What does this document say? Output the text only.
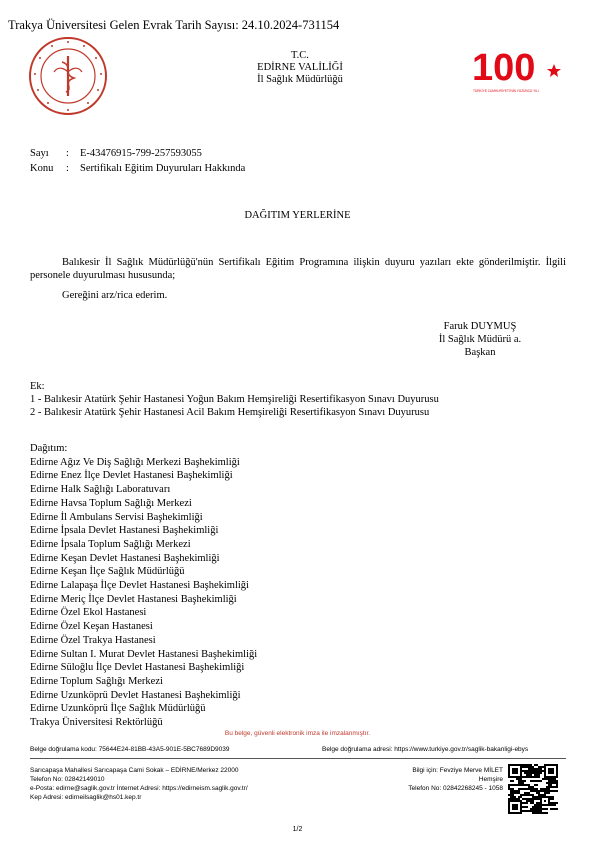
Trakya Üniversitesi Gelen Evrak Tarih Sayısı: 24.10.2024-731154
T.C.
EDİRNE VALİLİĞİ
İl Sağlık Müdürlüğü	100
TÜRKİYE CUMHURİYETİ'NİN YÜZÜNCÜ YILI
Sayı : E-43476915-799-257593055
Konu : Sertifikalı Eğitim Duyuruları Hakkında
DAĞITIM YERLERİNE
Balıkesir İl Sağlık Müdürlüğü'nün Sertifikalı Eğitim Programına ilişkin duyuru yazıları ekte gönderilmiştir. İlgili personele duyurulması hususunda;
Gereğini arz/rica ederim.
Faruk DUYMUŞ
İl Sağlık Müdürü a.
Başkan
Ek:
1 - Balıkesir Atatürk Şehir Hastanesi Yoğun Bakım Hemşireliği Resertifikasyon Sınavı Duyurusu
2 - Balıkesir Atatürk Şehir Hastanesi Acil Bakım Hemşireliği Resertifikasyon Sınavı Duyurusu
Dağıtım:
Edirne Ağız Ve Diş Sağlığı Merkezi Başhekimliği
Edirne Enez İlçe Devlet Hastanesi Başhekimliği
Edirne Halk Sağlığı Laboratuvarı
Edirne Havsa Toplum Sağlığı Merkezi
Edirne İl Ambulans Servisi Başhekimliği
Edirne İpsala Devlet Hastanesi Başhekimliği
Edirne İpsala Toplum Sağlığı Merkezi
Edirne Keşan Devlet Hastanesi Başhekimliği
Edirne Keşan İlçe Sağlık Müdürlüğü
Edirne Lalapaşa İlçe Devlet Hastanesi Başhekimliği
Edirne Meriç İlçe Devlet Hastanesi Başhekimliği
Edirne Özel Ekol Hastanesi
Edirne Özel Keşan Hastanesi
Edirne Özel Trakya Hastanesi
Edirne Sultan I. Murat Devlet Hastanesi Başhekimliği
Edirne Süloğlu İlçe Devlet Hastanesi Başhekimliği
Edirne Toplum Sağlığı Merkezi
Edirne Uzunköprü Devlet Hastanesi Başhekimliği
Edirne Uzunköprü İlçe Sağlık Müdürlüğü
Trakya Üniversitesi Rektörlüğü
Bu belge, güvenli elektronik imza ile imzalanmıştır.
Belge doğrulama kodu: 75644E24-81BB-43A5-901E-5BC7689D9039	Belge doğrulama adresi: https://www.turkiye.gov.tr/saglik-bakanligi-ebys
Sarıcapaşa Mahallesi Sarıcapaşa Cami Sokak – EDİRNE/Merkez 22000
Telefon No: 02842149010
e-Posta: edirne@saglik.gov.tr İnternet Adresi: https://edirneism.saglik.gov.tr/
Kep Adresi: edirneilsaglik@hs01.kep.tr
Bilgi için: Fevziye Merve MİLET
Hemşire
Telefon No: 02842268245 - 1058
1/2
